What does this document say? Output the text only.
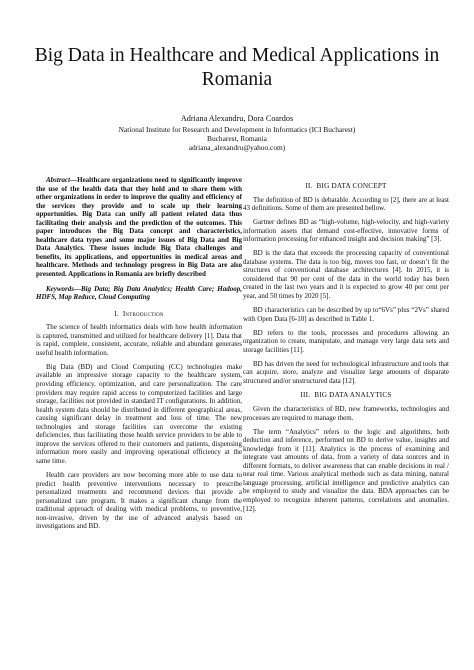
Big Data in Healthcare and Medical Applications in Romania
Adriana Alexandru, Dora Coardos
National Institute for Research and Development in Informatics (ICI Bucharest)
Bucharest, Romania
adriana_alexandru@yahoo.com)

Abstract—Healthcare organizations need to significantly improve the use of the health data that they hold and to share them with other organizations in order to improve the quality and efficiency of the services they provide and to scale up their learning opportunities. Big Data can unify all patient related data thus facilitating their analysis and the prediction of the outcomes. This paper introduces the Big Data concept and characteristics, healthcare data types and some major issues of Big Data and Big Data Analytics. These issues include Big Data challenges and benefits, its applications, and opportunities in medical areas and healthcare. Methods and technology progress in Big Data are also presented. Applications in Romania are briefly described

Keywords—Big Data; Big Data Analytics; Health Care; Hadoop, HDFS, Map Reduce, Cloud Computing

I. Introduction

The science of health informatics deals with how health information is captured, transmitted and utilized for healthcare delivery [1]. Data that is rapid, complete, consistent, accurate, reliable and abundant generates useful health information.

Big Data (BD) and Cloud Computing (CC) technologies make available an impressive storage capacity to the healthcare system, providing efficiency, optimization, and care personalization. The care providers may require rapid access to computerized facilities and large storage, facilities not provided in standard IT configurations. In addition, health system data should be distributed in different geographical areas, causing significant delay in treatment and loss of time. The new technologies and storage facilities can overcome the existing deficiencies, thus facilitating those health service providers to be able to improve the services offered to their customers and patients, dispensing information more easily and improving operational efficiency at the same time.

Health care providers are now becoming more able to use data to predict health preventive interventions necessary to prescribe personalized treatments and recommend devices that provide a personalized care program. It makes a significant change from the traditional approach of dealing with medical problems, to preventive, non-invasive, driven by the use of advanced analysis based on investigations and BD.

II. BIG DATA CONCEPT

The definition of BD is debatable. According to [2], there are at least 43 definitions. Some of them are presented bellow.

Gartner defines BD as “high-volume, high-velocity, and high-variety information assets that demand cost-effective, innovative forms of information processing for enhanced insight and decision making” [3].

BD is the data that exceeds the processing capacity of conventional database systems. The data is too big, moves too fast, or doesn’t fit the structures of conventional database architectures [4]. In 2015, it is considered that 90 per cent of the data in the world today has been created in the last two years and it is expected to grow 40 per cent per year, and 50 times by 2020 [5].

BD characteristics can be described by up to“6Vs” plus “2Vs” shared with Open Data [6-10] as described in Table 1.

BD refers to the tools, processes and procedures allowing an organization to create, manipulate, and manage very large data sets and storage facilities [11].

BD has driven the need for technological infrastructure and tools that can acquire, store, analyze and visualize large amounts of disparate structured and/or unstructured data [12].

III. BIG DATA ANALYTICS

Given the characteristics of BD, new frameworks, technologies and processes are required to manage them.

The term “Analytics” refers to the logic and algorithms, both deduction and inference, performed on BD to derive value, insights and knowledge from it [11]. Analytics is the process of examining and integrate vast amounts of data, from a variety of data sources and in different formats, to deliver awareness that can enable decisions in real / near real time. Various analytical methods such as data mining, natural language processing, artificial intelligence and predictive analytics can be employed to study and visualize the data. BDA approaches can be employed to recognize inherent patterns, correlations and anomalies. [12].
